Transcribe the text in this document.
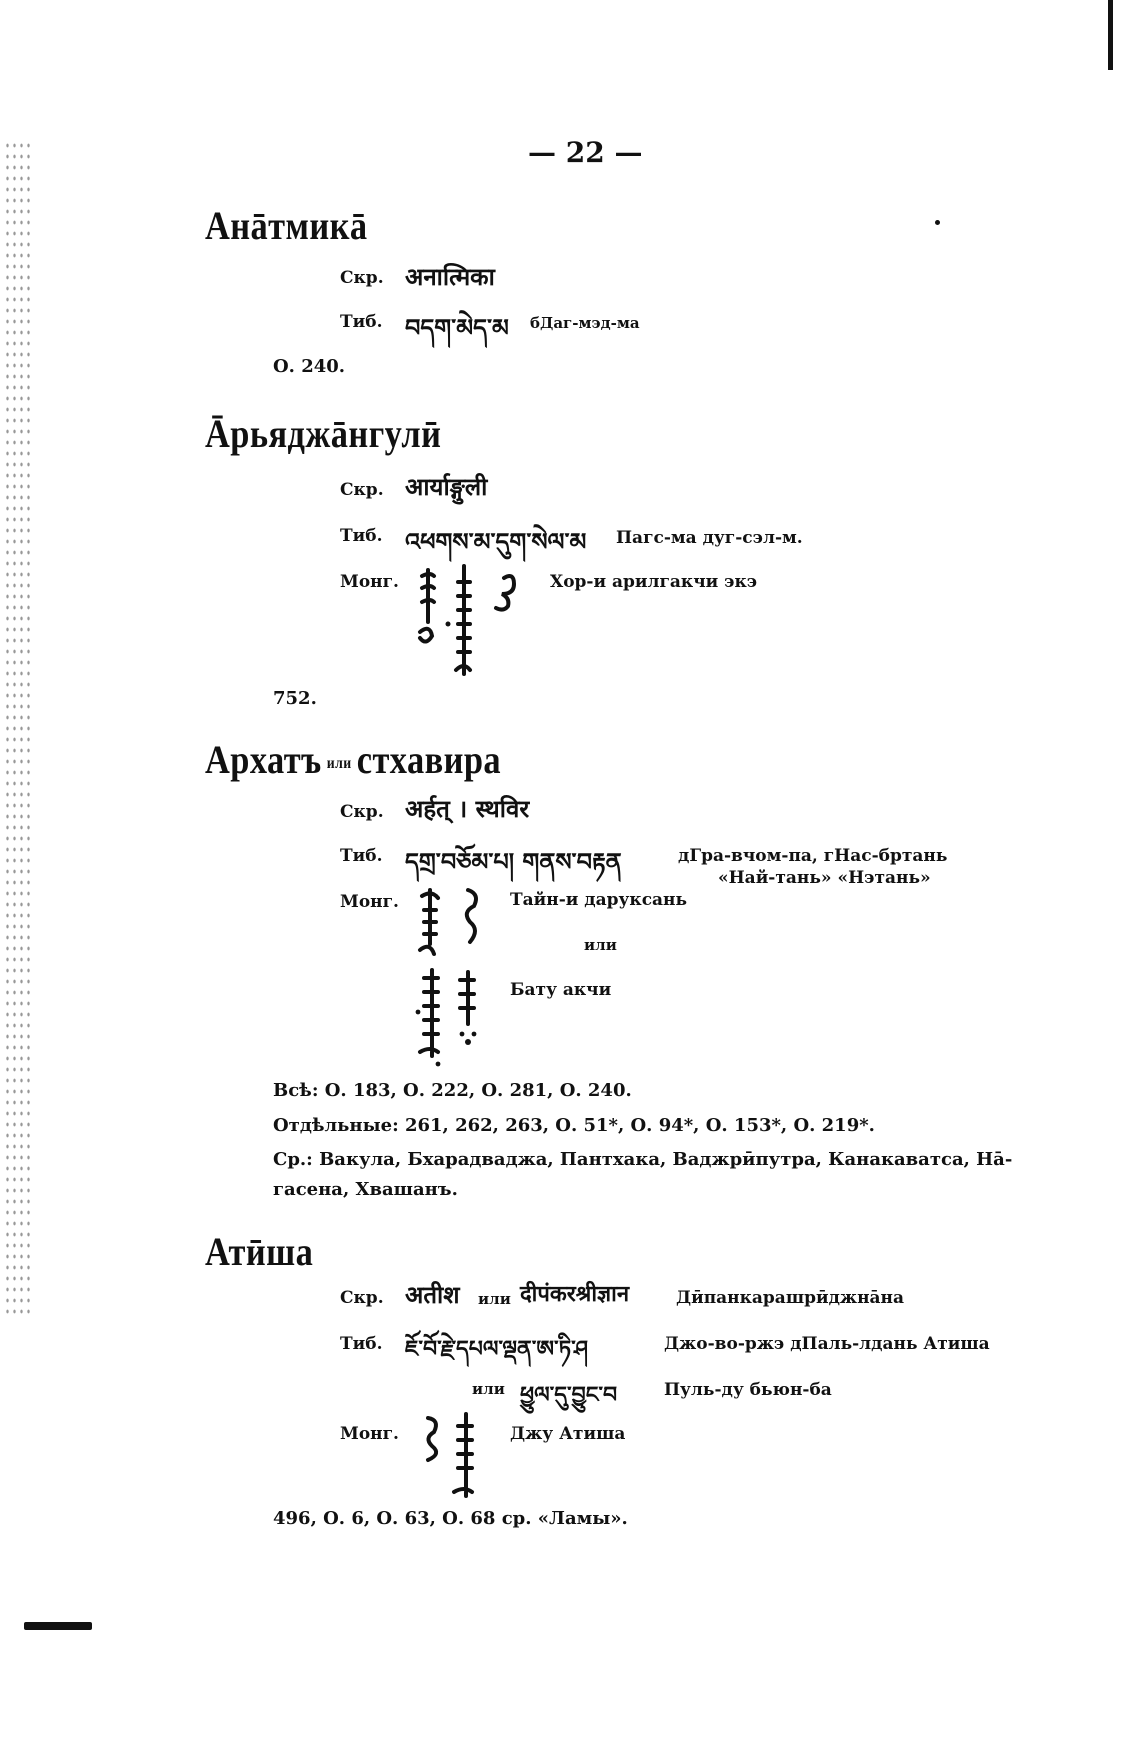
— 22 —
Анāтмикā
Скр. अनात्मिका
Тиб. བདག་མེད་མ бДаг-мэд-ма
О. 240.
Āрьяджāнгулӣ
Скр. आर्याङ्गुली
Тиб. འཕགས་མ་དུག་སེལ་མ Пагс-ма дуг-сэл-м.
Монг.	Хор-и арилгакчи экэ
752.
Архатъ или стхавира
Скр. अर्हत् । स्थविर
Тиб. དགྲ་བཅོམ་པ། གནས་བརྟན	дГра-вчом-па, гНас-бртань
«Най-тань» «Нэтань»
Монг.	Тайн-и даруксань
или
Бату акчи
Всѣ: О. 183, О. 222, О. 281, О. 240.
Отдѣльные: 261, 262, 263, О. 51*, О. 94*, О. 153*, О. 219*.
Ср.: Вакула, Бхарадваджа, Пантхака, Ваджрӣпутра, Канакаватса, Нā-гасена, Хвашанъ.
Атӣша
Скр. अतीश или दीपंकरश्रीज्ञान	Дӣпанкарашрӣджнāна
Тиб. ཇོ་བོ་རྗེ་དཔལ་ལྡན་ཨ་ཏི་ཤ	Джо-во-ржэ дПаль-лдань Атиша
или ཕྱུལ་དུ་བྱུང་བ	Пуль-ду бьюн-ба
Монг.	Джу Атиша
496, О. 6, О. 63, О. 68 ср. «Ламы».
